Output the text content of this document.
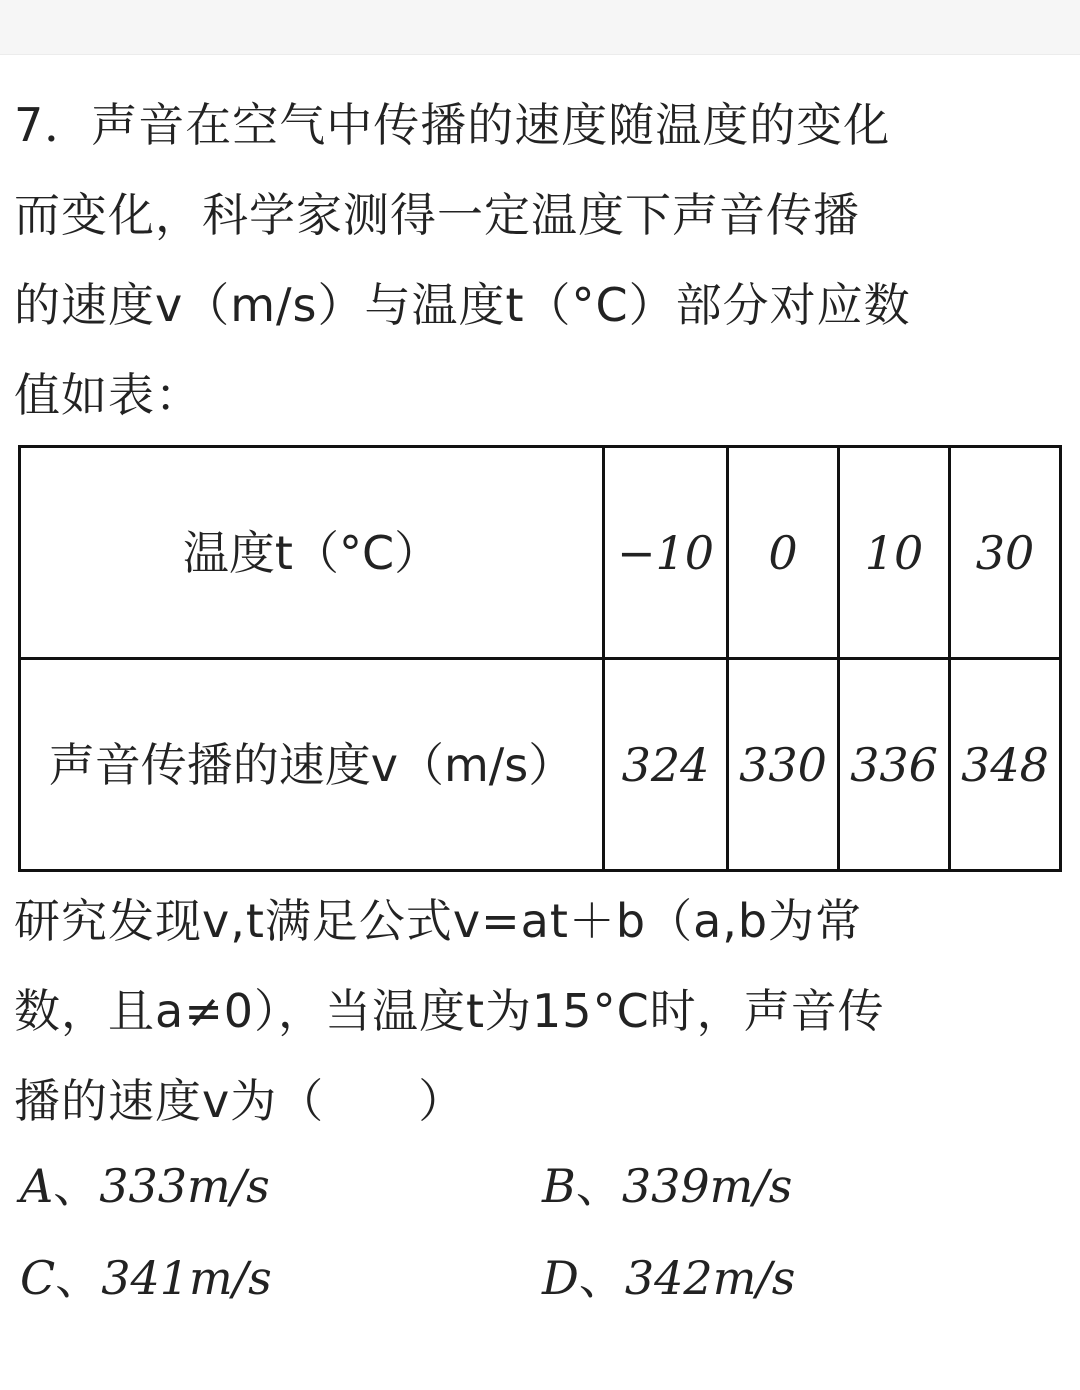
7．声音在空气中传播的速度随温度的变化
而变化，科学家测得一定温度下声音传播
的速度v（m/s）与温度t（°C）部分对应数
值如表：
温度t（°C）	−10	0	10	30
声音传播的速度v（m/s）	324	330	336	348
研究发现v,t满足公式v=at＋b（a,b为常
数，且a≠0），当温度t为15°C时，声音传
播的速度v为（　　）
A、333m/s	B、339m/s
C、341m/s	D、342m/s
